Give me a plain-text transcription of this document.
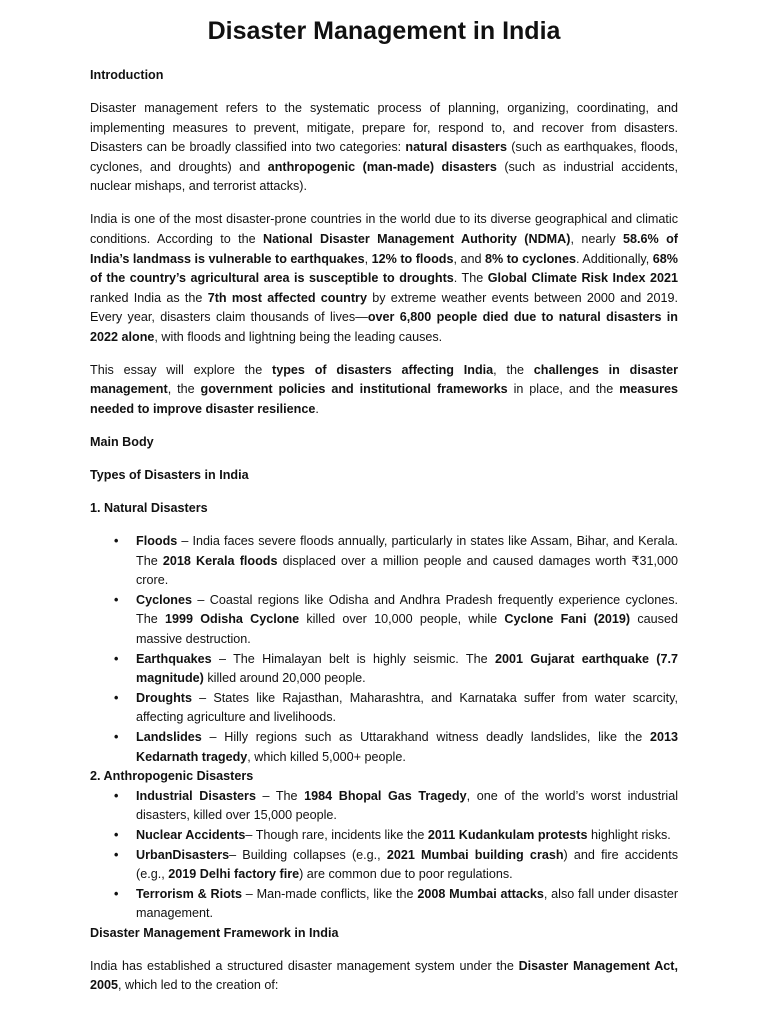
Disaster Management in India
Introduction

Disaster management refers to the systematic process of planning, organizing, coordinating, and implementing measures to prevent, mitigate, prepare for, respond to, and recover from disasters. Disasters can be broadly classified into two categories: natural disasters (such as earthquakes, floods, cyclones, and droughts) and anthropogenic (man-made) disasters (such as industrial accidents, nuclear mishaps, and terrorist attacks).

India is one of the most disaster-prone countries in the world due to its diverse geographical and climatic conditions. According to the National Disaster Management Authority (NDMA), nearly 58.6% of India’s landmass is vulnerable to earthquakes, 12% to floods, and 8% to cyclones. Additionally, 68% of the country’s agricultural area is susceptible to droughts. The Global Climate Risk Index 2021 ranked India as the 7th most affected country by extreme weather events between 2000 and 2019. Every year, disasters claim thousands of lives—over 6,800 people died due to natural disasters in 2022 alone, with floods and lightning being the leading causes.

This essay will explore the types of disasters affecting India, the challenges in disaster management, the government policies and institutional frameworks in place, and the measures needed to improve disaster resilience.

Main Body
Types of Disasters in India
1. Natural Disasters
• Floods – India faces severe floods annually, particularly in states like Assam, Bihar, and Kerala. The 2018 Kerala floods displaced over a million people and caused damages worth ₹31,000 crore.
• Cyclones – Coastal regions like Odisha and Andhra Pradesh frequently experience cyclones. The 1999 Odisha Cyclone killed over 10,000 people, while Cyclone Fani (2019) caused massive destruction.
• Earthquakes – The Himalayan belt is highly seismic. The 2001 Gujarat earthquake (7.7 magnitude) killed around 20,000 people.
• Droughts – States like Rajasthan, Maharashtra, and Karnataka suffer from water scarcity, affecting agriculture and livelihoods.
• Landslides – Hilly regions such as Uttarakhand witness deadly landslides, like the 2013 Kedarnath tragedy, which killed 5,000+ people.
2. Anthropogenic Disasters
• Industrial Disasters – The 1984 Bhopal Gas Tragedy, one of the world’s worst industrial disasters, killed over 15,000 people.
• Nuclear Accidents– Though rare, incidents like the 2011 Kudankulam protests highlight risks.
• UrbanDisasters– Building collapses (e.g., 2021 Mumbai building crash) and fire accidents (e.g., 2019 Delhi factory fire) are common due to poor regulations.
• Terrorism & Riots – Man-made conflicts, like the 2008 Mumbai attacks, also fall under disaster management.
Disaster Management Framework in India

India has established a structured disaster management system under the Disaster Management Act, 2005, which led to the creation of:
